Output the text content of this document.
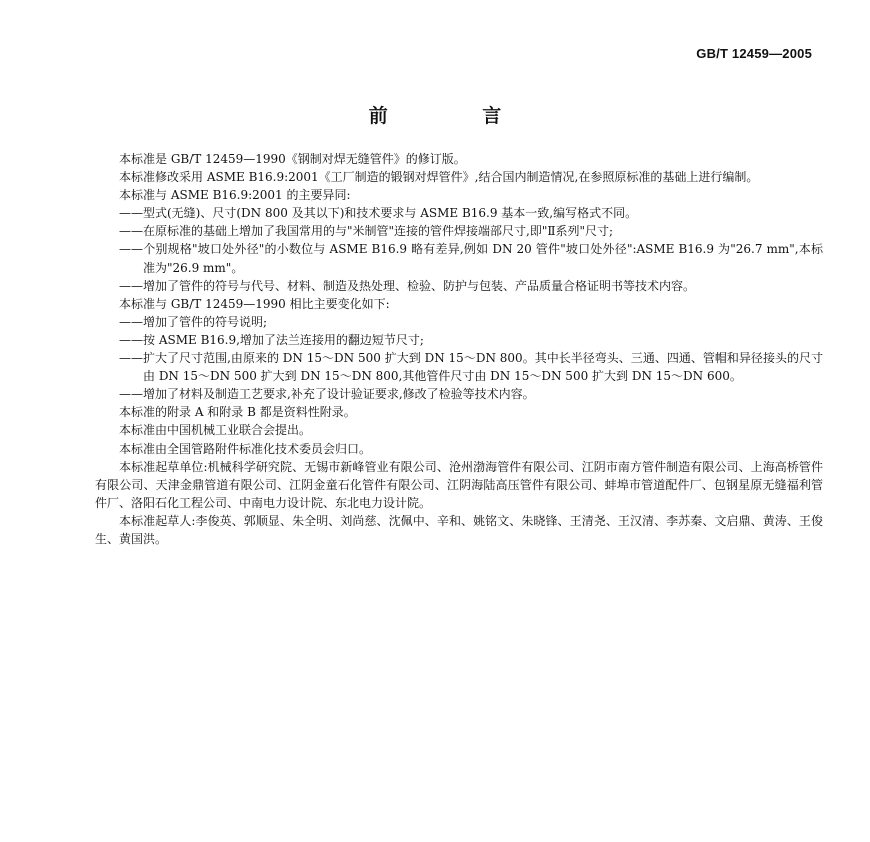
GB/T 12459—2005
前 言

本标准是 GB/T 12459—1990《钢制对焊无缝管件》的修订版。

本标准修改采用 ASME B16.9:2001《工厂制造的锻钢对焊管件》,结合国内制造情况,在参照原标准的基础上进行编制。

本标准与 ASME B16.9:2001 的主要异同:

——型式(无缝)、尺寸(DN 800 及其以下)和技术要求与 ASME B16.9 基本一致,编写格式不同。

——在原标准的基础上增加了我国常用的与"米制管"连接的管件焊接端部尺寸,即"Ⅱ系列"尺寸;

——个别规格"坡口处外径"的小数位与 ASME B16.9 略有差异,例如 DN 20 管件"坡口处外径":ASME B16.9 为"26.7 mm",本标准为"26.9 mm"。

——增加了管件的符号与代号、材料、制造及热处理、检验、防护与包装、产品质量合格证明书等技术内容。

本标准与 GB/T 12459—1990 相比主要变化如下:

——增加了管件的符号说明;

——按 ASME B16.9,增加了法兰连接用的翻边短节尺寸;

——扩大了尺寸范围,由原来的 DN 15～DN 500 扩大到 DN 15～DN 800。其中长半径弯头、三通、四通、管帽和异径接头的尺寸由 DN 15～DN 500 扩大到 DN 15～DN 800,其他管件尺寸由 DN 15～DN 500 扩大到 DN 15～DN 600。

——增加了材料及制造工艺要求,补充了设计验证要求,修改了检验等技术内容。

本标准的附录 A 和附录 B 都是资料性附录。

本标准由中国机械工业联合会提出。

本标准由全国管路附件标准化技术委员会归口。

本标准起草单位:机械科学研究院、无锡市新峰管业有限公司、沧州渤海管件有限公司、江阴市南方管件制造有限公司、上海高桥管件有限公司、天津金鼎管道有限公司、江阴金童石化管件有限公司、江阴海陆高压管件有限公司、蚌埠市管道配件厂、包钢星原无缝福利管件厂、洛阳石化工程公司、中南电力设计院、东北电力设计院。

本标准起草人:李俊英、郭顺显、朱全明、刘尚慈、沈佩中、辛和、姚铭文、朱晓锋、王清尧、王汉清、李苏秦、文启鼎、黄涛、王俊生、黄国洪。
